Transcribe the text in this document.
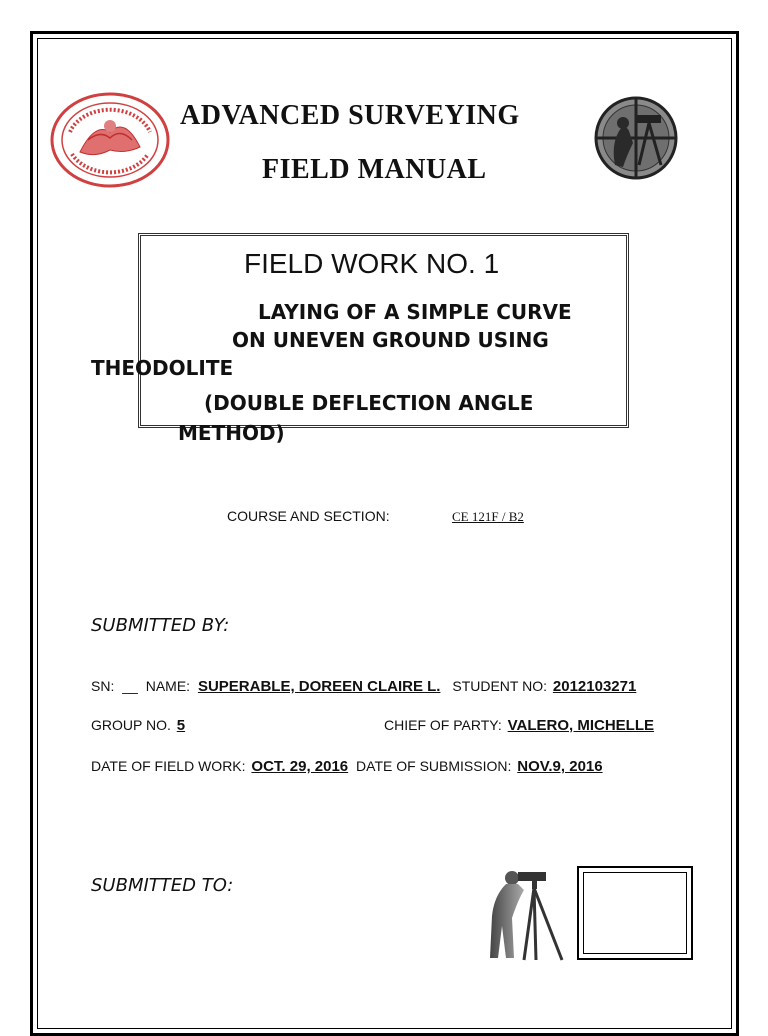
ADVANCED SURVEYING
FIELD MANUAL
FIELD WORK NO. 1
LAYING OF A SIMPLE CURVE
ON UNEVEN GROUND USING
THEODOLITE
(DOUBLE DEFLECTION ANGLE
METHOD)
COURSE AND SECTION:	CE 121F / B2
SUBMITTED BY:
SN: __ NAME: SUPERABLE, DOREEN CLAIRE L. STUDENT NO: 2012103271
GROUP NO. 5	CHIEF OF PARTY: VALERO, MICHELLE
DATE OF FIELD WORK: OCT. 29, 2016 DATE OF SUBMISSION: NOV.9, 2016
SUBMITTED TO:
